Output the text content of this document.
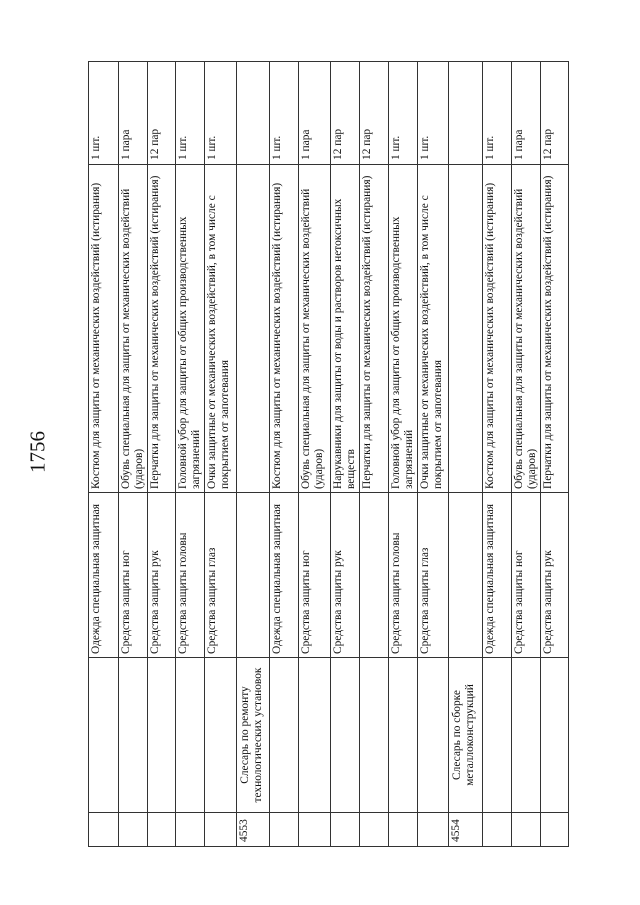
1756
		Одежда специальная защитная	Костюм для защиты от механических воздействий (истирания)	1 шт.
		Средства защиты ног	Обувь специальная для защиты от механических воздействий (ударов)	1 пара
		Средства защиты рук	Перчатки для защиты от механических воздействий (истирания)	12 пар
		Средства защиты головы	Головной убор для защиты от общих производственных загрязнений	1 шт.
		Средства защиты глаз	Очки защитные от механических воздействий, в том числе с покрытием от запотевания	1 шт.
4553	Слесарь по ремонту технологических установок			
		Одежда специальная защитная	Костюм для защиты от механических воздействий (истирания)	1 шт.
		Средства защиты ног	Обувь специальная для защиты от механических воздействий (ударов)	1 пара
		Средства защиты рук	Нарукавники для защиты от воды и растворов нетоксичных веществ	12 пар
			Перчатки для защиты от механических воздействий (истирания)	12 пар
		Средства защиты головы	Головной убор для защиты от общих производственных загрязнений	1 шт.
		Средства защиты глаз	Очки защитные от механических воздействий, в том числе с покрытием от запотевания	1 шт.
4554	Слесарь по сборке металлоконструкций			
		Одежда специальная защитная	Костюм для защиты от механических воздействий (истирания)	1 шт.
		Средства защиты ног	Обувь специальная для защиты от механических воздействий (ударов)	1 пара
		Средства защиты рук	Перчатки для защиты от механических воздействий (истирания)	12 пар
